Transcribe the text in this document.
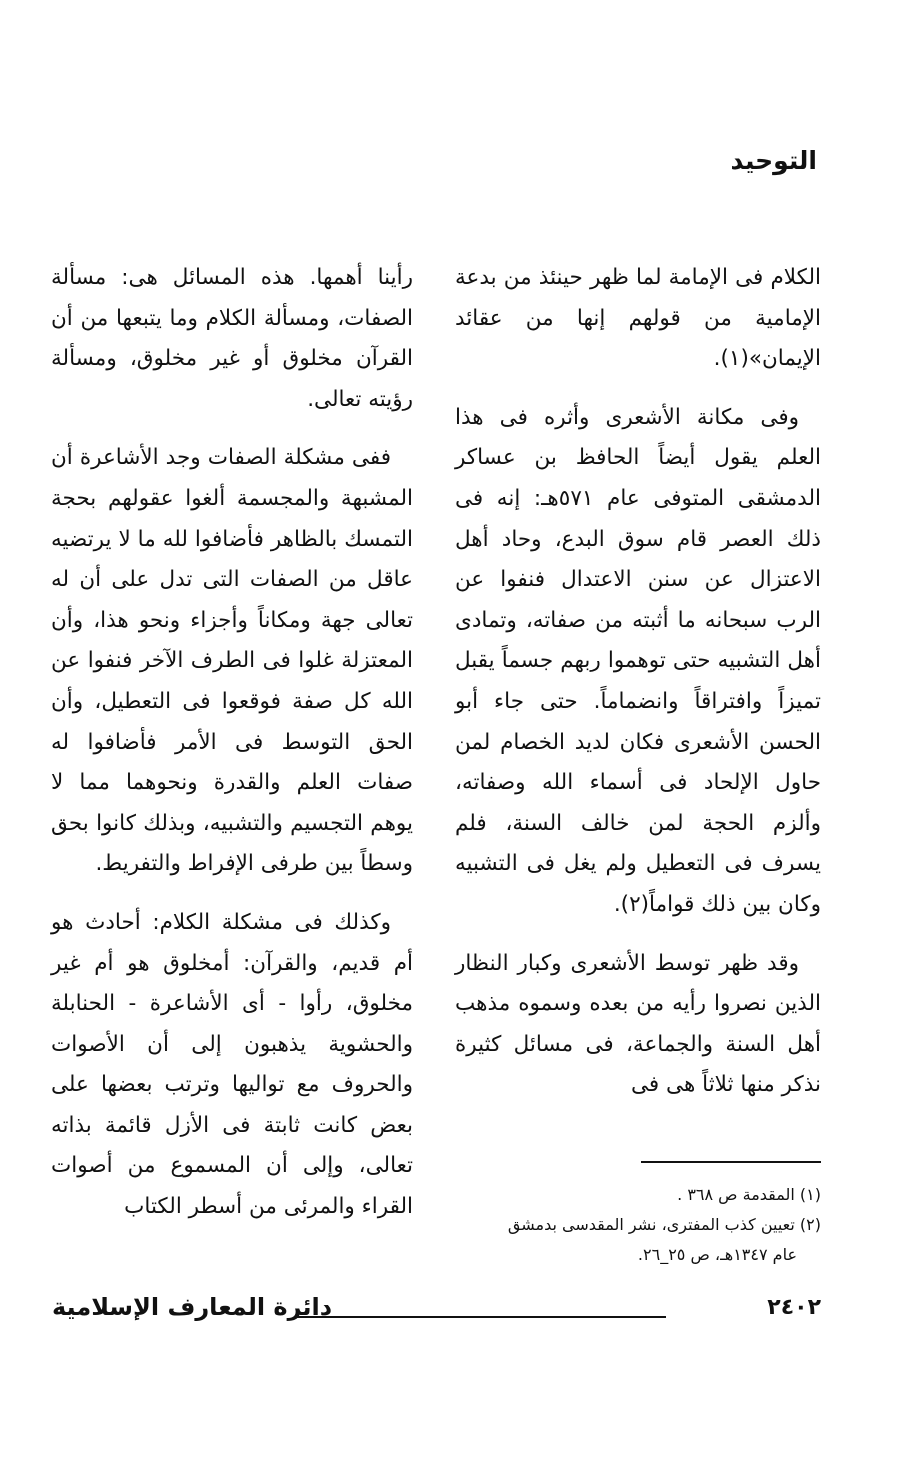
التوحيد

الكلام فى الإمامة لما ظهر حينئذ من بدعة الإمامية من قولهم إنها من عقائد الإيمان»(١).

وفى مكانة الأشعرى وأثره فى هذا العلم يقول أيضاً الحافظ بن عساكر الدمشقى المتوفى عام ٥٧١هـ: إنه فى ذلك العصر قام سوق البدع، وحاد أهل الاعتزال عن سنن الاعتدال فنفوا عن الرب سبحانه ما أثبته من صفاته، وتمادى أهل التشبيه حتى توهموا ربهم جسماً يقبل تميزاً وافتراقاً وانضماماً. حتى جاء أبو الحسن الأشعرى فكان لديد الخصام لمن حاول الإلحاد فى أسماء الله وصفاته، وألزم الحجة لمن خالف السنة، فلم يسرف فى التعطيل ولم يغل فى التشبيه وكان بين ذلك قواماً(٢).

وقد ظهر توسط الأشعرى وكبار النظار الذين نصروا رأيه من بعده وسموه مذهب أهل السنة والجماعة، فى مسائل كثيرة نذكر منها ثلاثاً هى فى

رأينا أهمها. هذه المسائل هى: مسألة الصفات، ومسألة الكلام وما يتبعها من أن القرآن مخلوق أو غير مخلوق، ومسألة رؤيته تعالى.

ففى مشكلة الصفات وجد الأشاعرة أن المشبهة والمجسمة ألغوا عقولهم بحجة التمسك بالظاهر فأضافوا لله ما لا يرتضيه عاقل من الصفات التى تدل على أن له تعالى جهة ومكاناً وأجزاء ونحو هذا، وأن المعتزلة غلوا فى الطرف الآخر فنفوا عن الله كل صفة فوقعوا فى التعطيل، وأن الحق التوسط فى الأمر فأضافوا له صفات العلم والقدرة ونحوهما مما لا يوهم التجسيم والتشبيه، وبذلك كانوا بحق وسطاً بين طرفى الإفراط والتفريط.

وكذلك فى مشكلة الكلام: أحادث هو أم قديم، والقرآن: أمخلوق هو أم غير مخلوق، رأوا - أى الأشاعرة - الحنابلة والحشوية يذهبون إلى أن الأصوات والحروف مع تواليها وترتب بعضها على بعض كانت ثابتة فى الأزل قائمة بذاته تعالى، وإلى أن المسموع من أصوات القراء والمرئى من أسطر الكتاب	(١) المقدمة ص ٣٦٨ .
(٢) تعيين كذب المفترى، نشر المقدسى بدمشق
عام ١٣٤٧هـ، ص ٢٥_٢٦.
٢٤٠٢
دائرة المعارف الإسلامية
